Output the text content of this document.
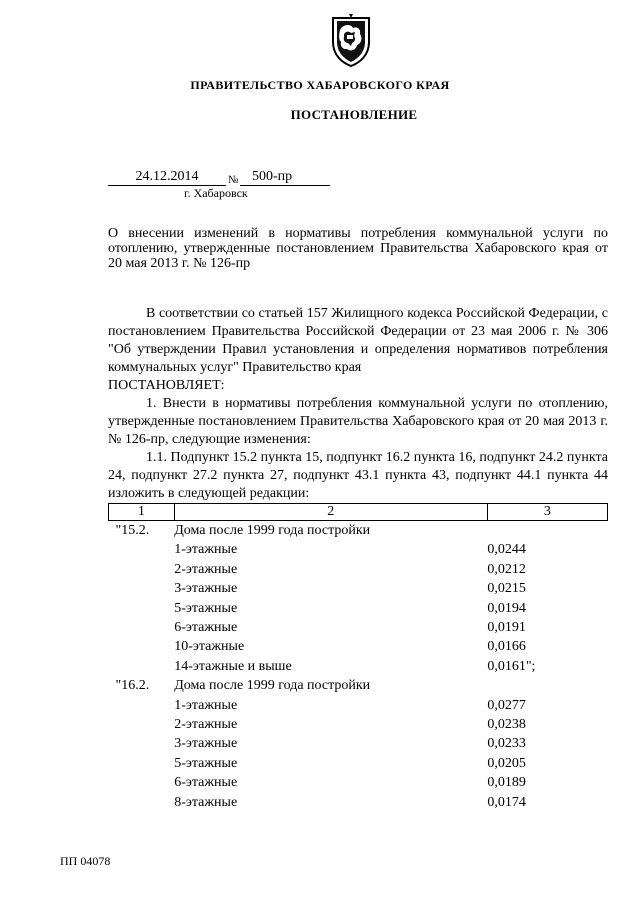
ПРАВИТЕЛЬСТВО ХАБАРОВСКОГО КРАЯ
ПОСТАНОВЛЕНИЕ
24.12.2014	№ 500-пр
г. Хабаровск
О внесении изменений в нормативы потребления коммунальной услуги по отоплению, утвержденные постановлением Правительства Хабаровского края от 20 мая 2013 г. № 126-пр

В соответствии со статьей 157 Жилищного кодекса Российской Федерации, с постановлением Правительства Российской Федерации от 23 мая 2006 г. № 306 "Об утверждении Правил установления и определения нормативов потребления коммунальных услуг" Правительство края

ПОСТАНОВЛЯЕТ:

1. Внести в нормативы потребления коммунальной услуги по отоплению, утвержденные постановлением Правительства Хабаровского края от 20 мая 2013 г. № 126-пр, следующие изменения:

1.1. Подпункт 15.2 пункта 15, подпункт 16.2 пункта 16, подпункт 24.2 пункта 24, подпункт 27.2 пункта 27, подпункт 43.1 пункта 43, подпункт 44.1 пункта 44 изложить в следующей редакции:

1	2	3
"15.2.	Дома после 1999 года постройки	
	1-этажные	0,0244
	2-этажные	0,0212
	3-этажные	0,0215
	5-этажные	0,0194
	6-этажные	0,0191
	10-этажные	0,0166
	14-этажные и выше	0,0161";
"16.2.	Дома после 1999 года постройки	
	1-этажные	0,0277
	2-этажные	0,0238
	3-этажные	0,0233
	5-этажные	0,0205
	6-этажные	0,0189
	8-этажные	0,0174
ПП 04078
